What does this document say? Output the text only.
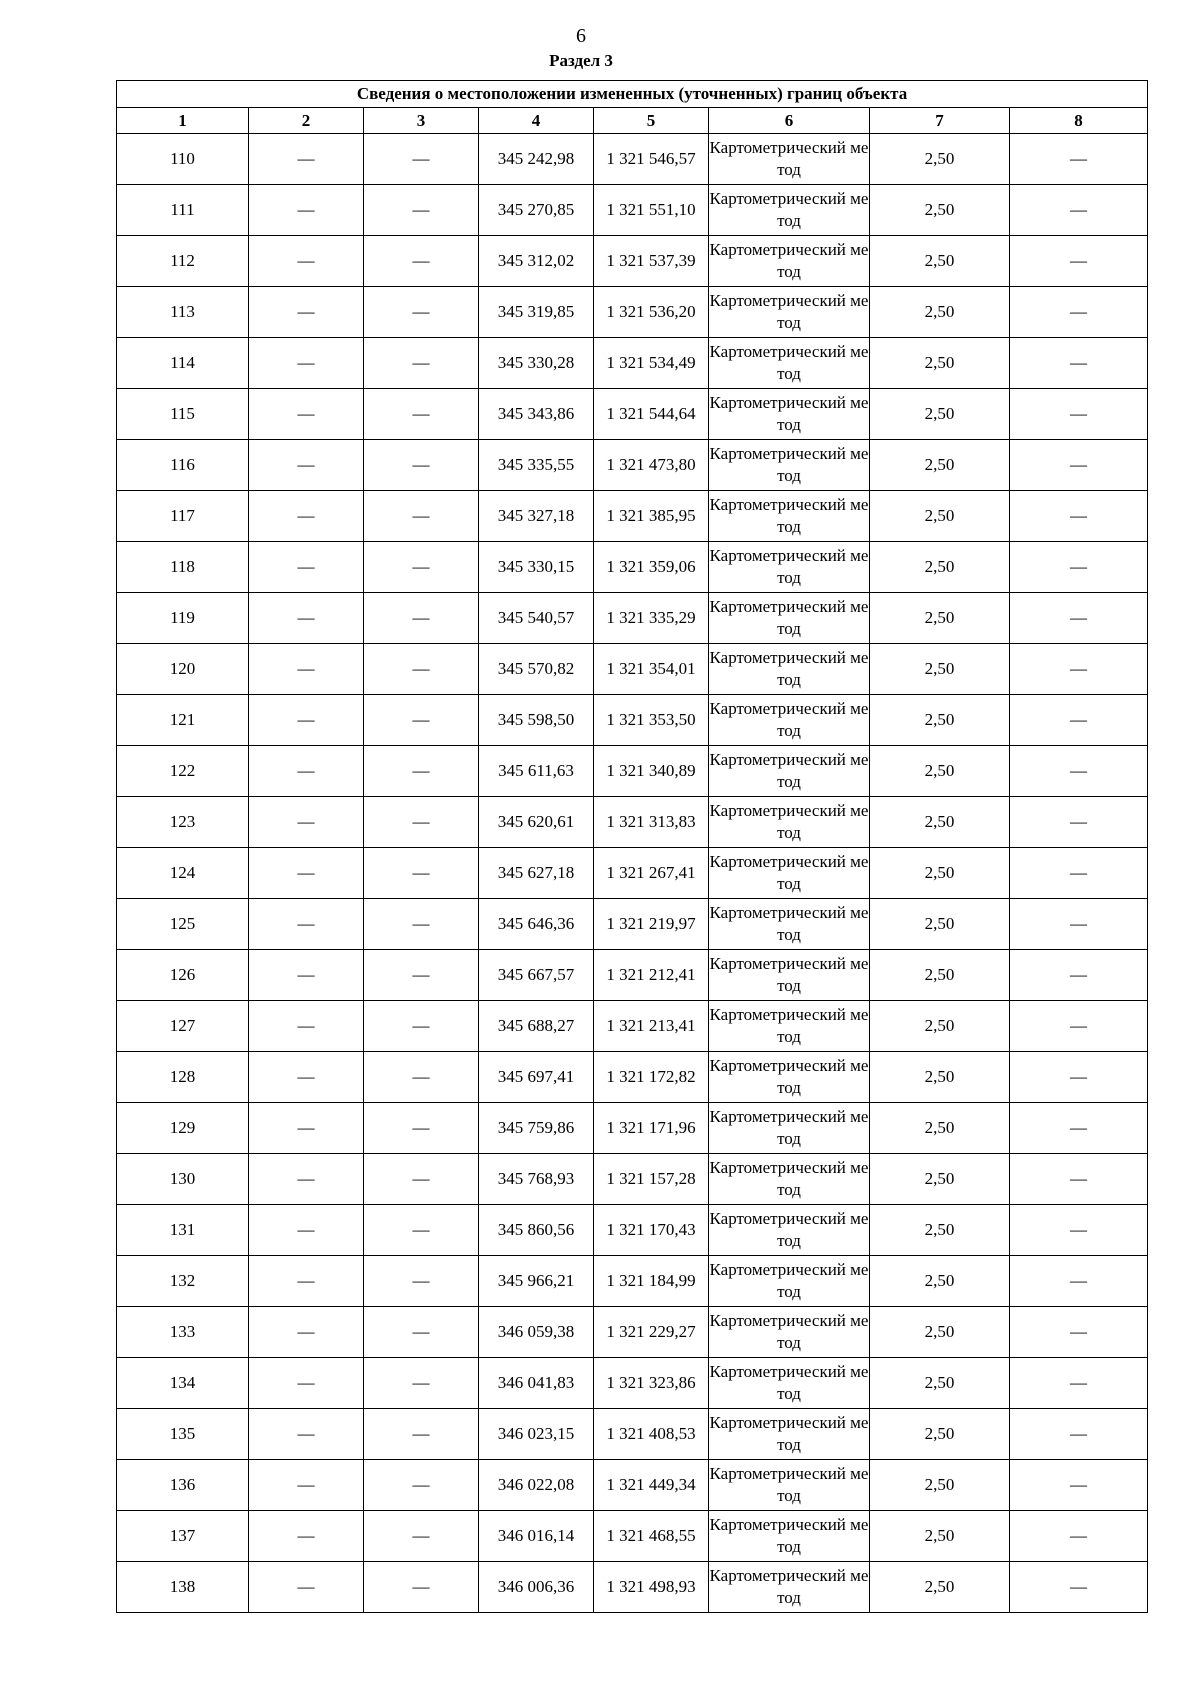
6
Раздел 3
Сведения о местоположении измененных (уточненных) границ объекта							
1	2	3	4	5	6	7	8
110	—	—	345 242,98	1 321 546,57	Картометрический метод	2,50	—
111	—	—	345 270,85	1 321 551,10	Картометрический метод	2,50	—
112	—	—	345 312,02	1 321 537,39	Картометрический метод	2,50	—
113	—	—	345 319,85	1 321 536,20	Картометрический метод	2,50	—
114	—	—	345 330,28	1 321 534,49	Картометрический метод	2,50	—
115	—	—	345 343,86	1 321 544,64	Картометрический метод	2,50	—
116	—	—	345 335,55	1 321 473,80	Картометрический метод	2,50	—
117	—	—	345 327,18	1 321 385,95	Картометрический метод	2,50	—
118	—	—	345 330,15	1 321 359,06	Картометрический метод	2,50	—
119	—	—	345 540,57	1 321 335,29	Картометрический метод	2,50	—
120	—	—	345 570,82	1 321 354,01	Картометрический метод	2,50	—
121	—	—	345 598,50	1 321 353,50	Картометрический метод	2,50	—
122	—	—	345 611,63	1 321 340,89	Картометрический метод	2,50	—
123	—	—	345 620,61	1 321 313,83	Картометрический метод	2,50	—
124	—	—	345 627,18	1 321 267,41	Картометрический метод	2,50	—
125	—	—	345 646,36	1 321 219,97	Картометрический метод	2,50	—
126	—	—	345 667,57	1 321 212,41	Картометрический метод	2,50	—
127	—	—	345 688,27	1 321 213,41	Картометрический метод	2,50	—
128	—	—	345 697,41	1 321 172,82	Картометрический метод	2,50	—
129	—	—	345 759,86	1 321 171,96	Картометрический метод	2,50	—
130	—	—	345 768,93	1 321 157,28	Картометрический метод	2,50	—
131	—	—	345 860,56	1 321 170,43	Картометрический метод	2,50	—
132	—	—	345 966,21	1 321 184,99	Картометрический метод	2,50	—
133	—	—	346 059,38	1 321 229,27	Картометрический метод	2,50	—
134	—	—	346 041,83	1 321 323,86	Картометрический метод	2,50	—
135	—	—	346 023,15	1 321 408,53	Картометрический метод	2,50	—
136	—	—	346 022,08	1 321 449,34	Картометрический метод	2,50	—
137	—	—	346 016,14	1 321 468,55	Картометрический метод	2,50	—
138	—	—	346 006,36	1 321 498,93	Картометрический метод	2,50	—
